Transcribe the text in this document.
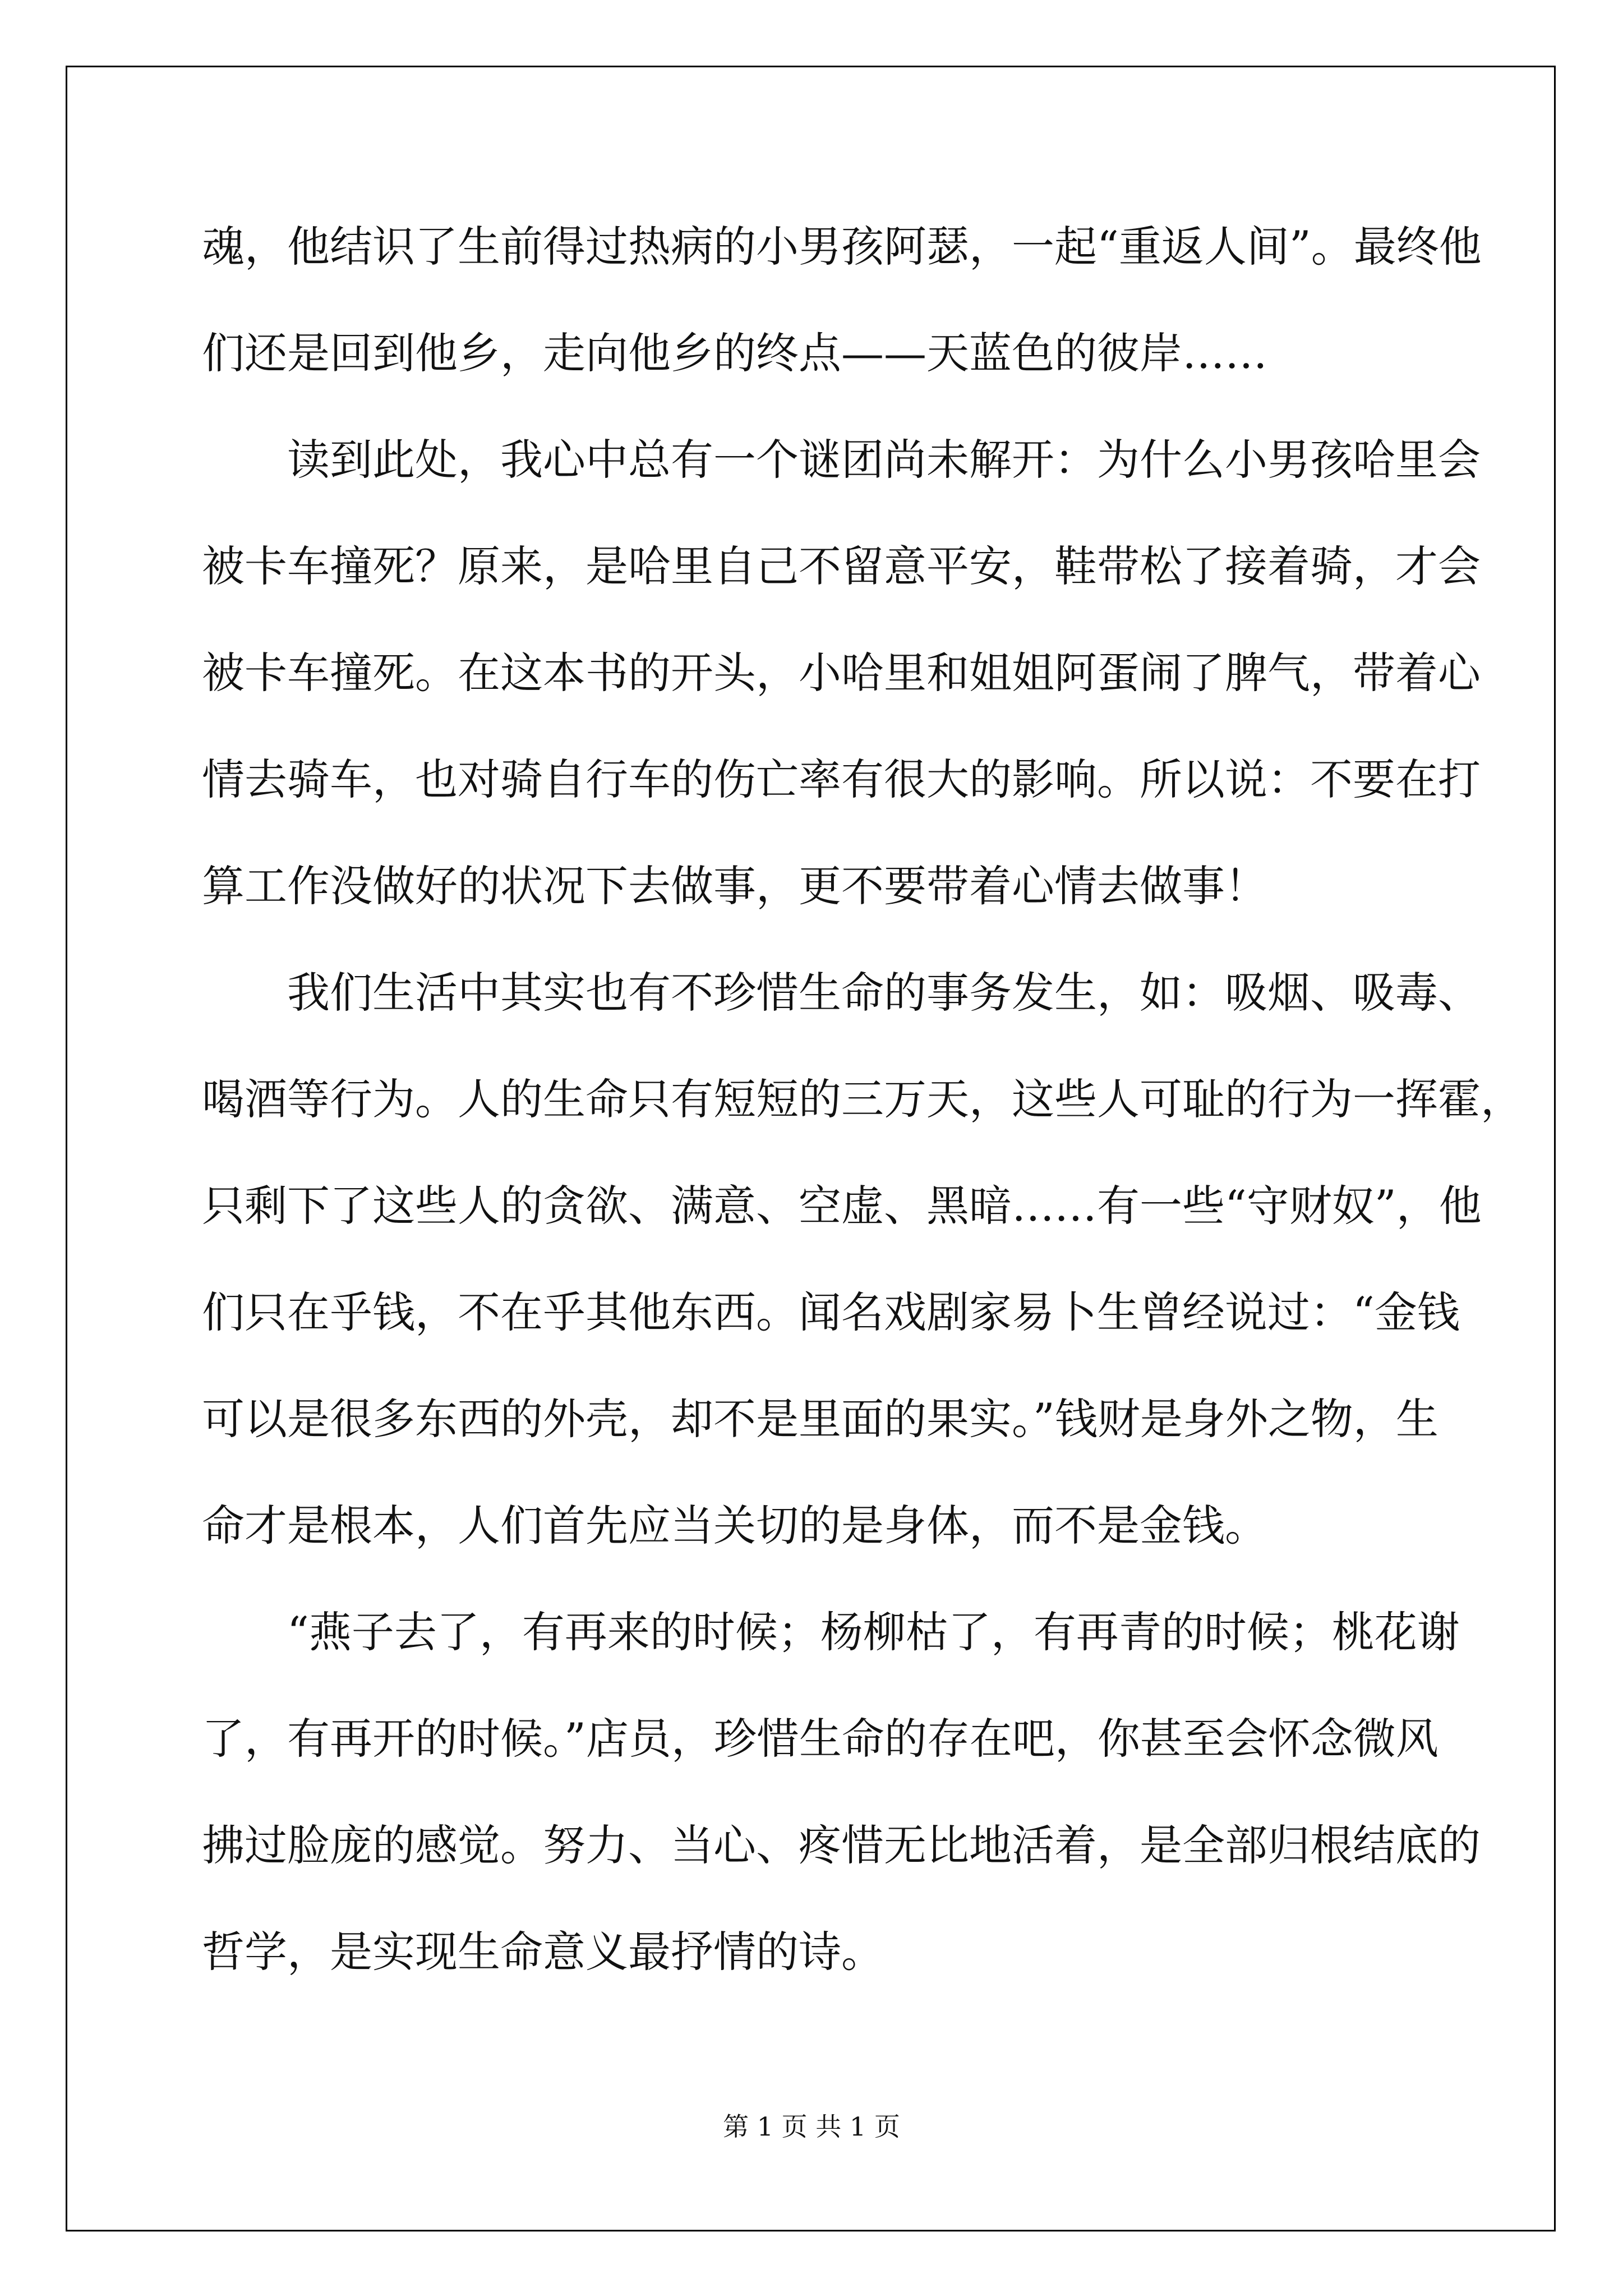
魂，他结识了生前得过热病的小男孩阿瑟，一起“重返人间”。最终他
们还是回到他乡，走向他乡的终点——天蓝色的彼岸……
读到此处，我心中总有一个谜团尚未解开：为什么小男孩哈里会
被卡车撞死？原来，是哈里自己不留意平安，鞋带松了接着骑，才会
被卡车撞死。在这本书的开头，小哈里和姐姐阿蛋闹了脾气，带着心
情去骑车，也对骑自行车的伤亡率有很大的影响。所以说：不要在打
算工作没做好的状况下去做事，更不要带着心情去做事！
我们生活中其实也有不珍惜生命的事务发生，如：吸烟、吸毒、
喝酒等行为。人的生命只有短短的三万天，这些人可耻的行为一挥霍，
只剩下了这些人的贪欲、满意、空虚、黑暗……有一些“守财奴”，他
们只在乎钱，不在乎其他东西。闻名戏剧家易卜生曾经说过：“金钱
可以是很多东西的外壳，却不是里面的果实。”钱财是身外之物，生
命才是根本，人们首先应当关切的是身体，而不是金钱。
“燕子去了，有再来的时候；杨柳枯了，有再青的时候；桃花谢
了，有再开的时候。”店员，珍惜生命的存在吧，你甚至会怀念微风
拂过脸庞的感觉。努力、当心、疼惜无比地活着，是全部归根结底的
哲学，是实现生命意义最抒情的诗。
第 1 页 共 1 页
